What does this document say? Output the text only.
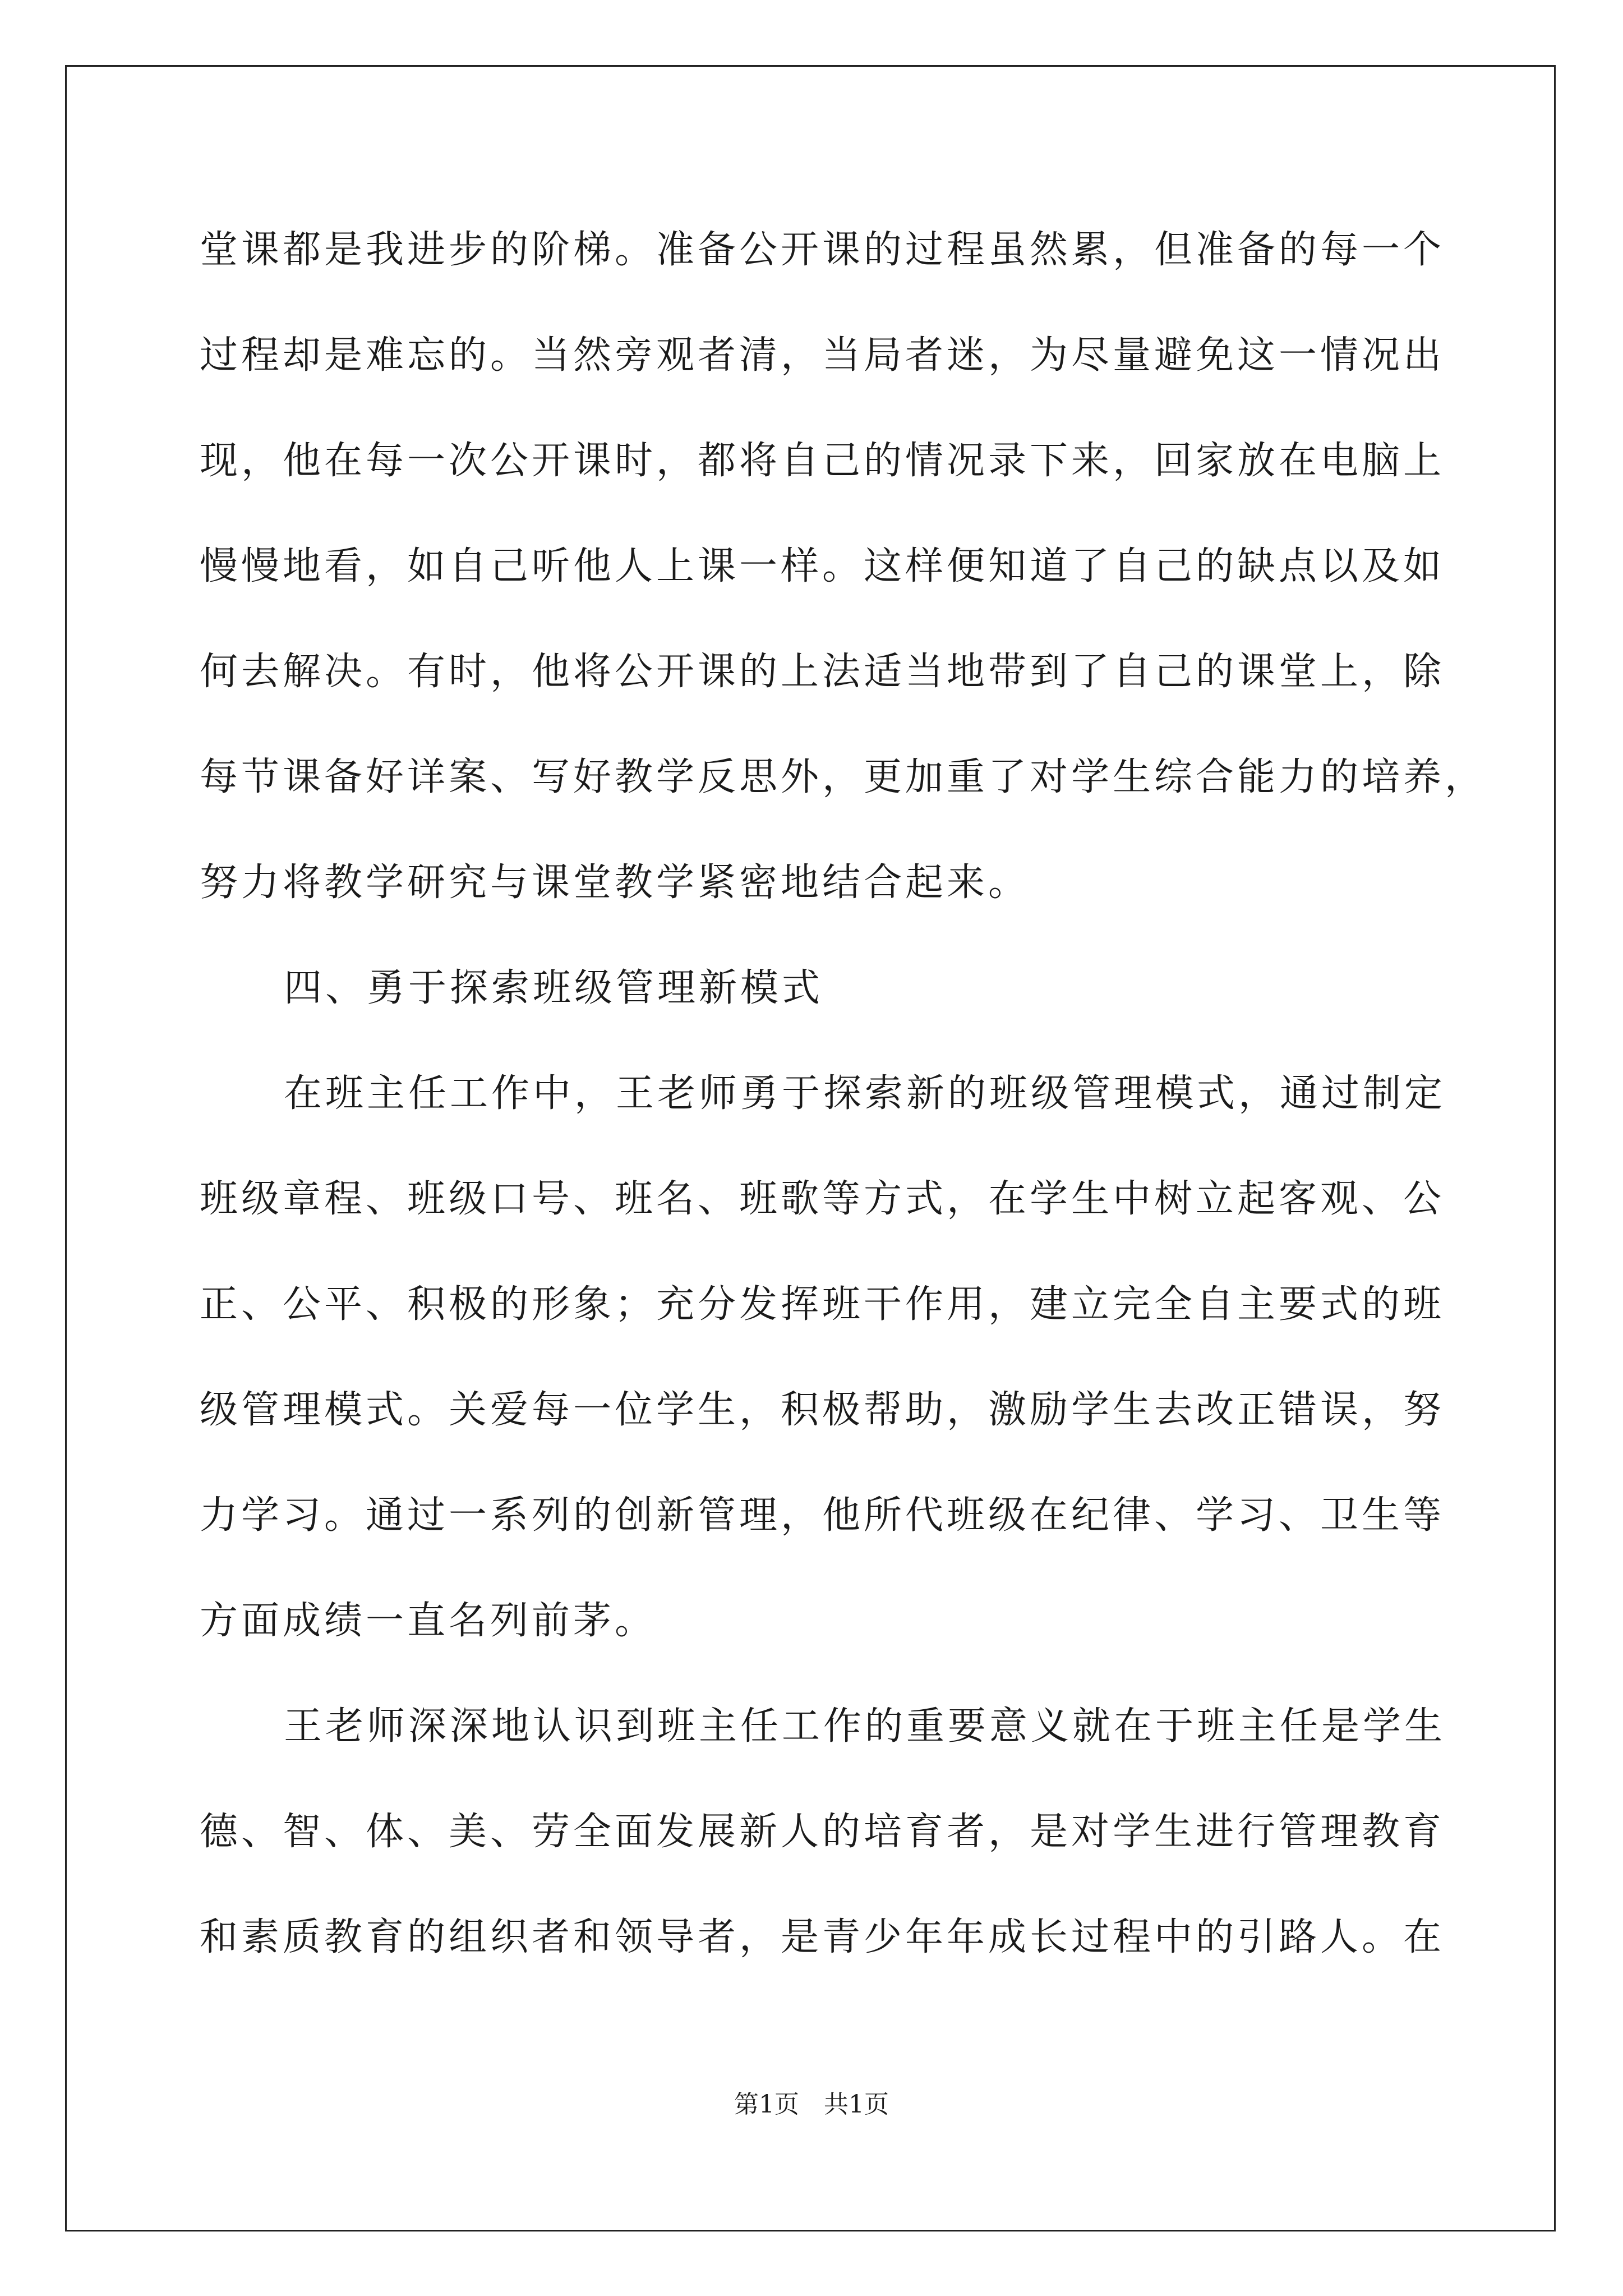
堂课都是我进步的阶梯。准备公开课的过程虽然累，但准备的每一个
过程却是难忘的。当然旁观者清，当局者迷，为尽量避免这一情况出
现，他在每一次公开课时，都将自己的情况录下来，回家放在电脑上
慢慢地看，如自己听他人上课一样。这样便知道了自己的缺点以及如
何去解决。有时，他将公开课的上法适当地带到了自己的课堂上，除
每节课备好详案、写好教学反思外，更加重了对学生综合能力的培养，
努力将教学研究与课堂教学紧密地结合起来。
四、勇于探索班级管理新模式
在班主任工作中，王老师勇于探索新的班级管理模式，通过制定
班级章程、班级口号、班名、班歌等方式，在学生中树立起客观、公
正、公平、积极的形象；充分发挥班干作用，建立完全自主要式的班
级管理模式。关爱每一位学生，积极帮助，激励学生去改正错误，努
力学习。通过一系列的创新管理，他所代班级在纪律、学习、卫生等
方面成绩一直名列前茅。
王老师深深地认识到班主任工作的重要意义就在于班主任是学生
德、智、体、美、劳全面发展新人的培育者，是对学生进行管理教育
和素质教育的组织者和领导者，是青少年年成长过程中的引路人。在
第1页　共1页
